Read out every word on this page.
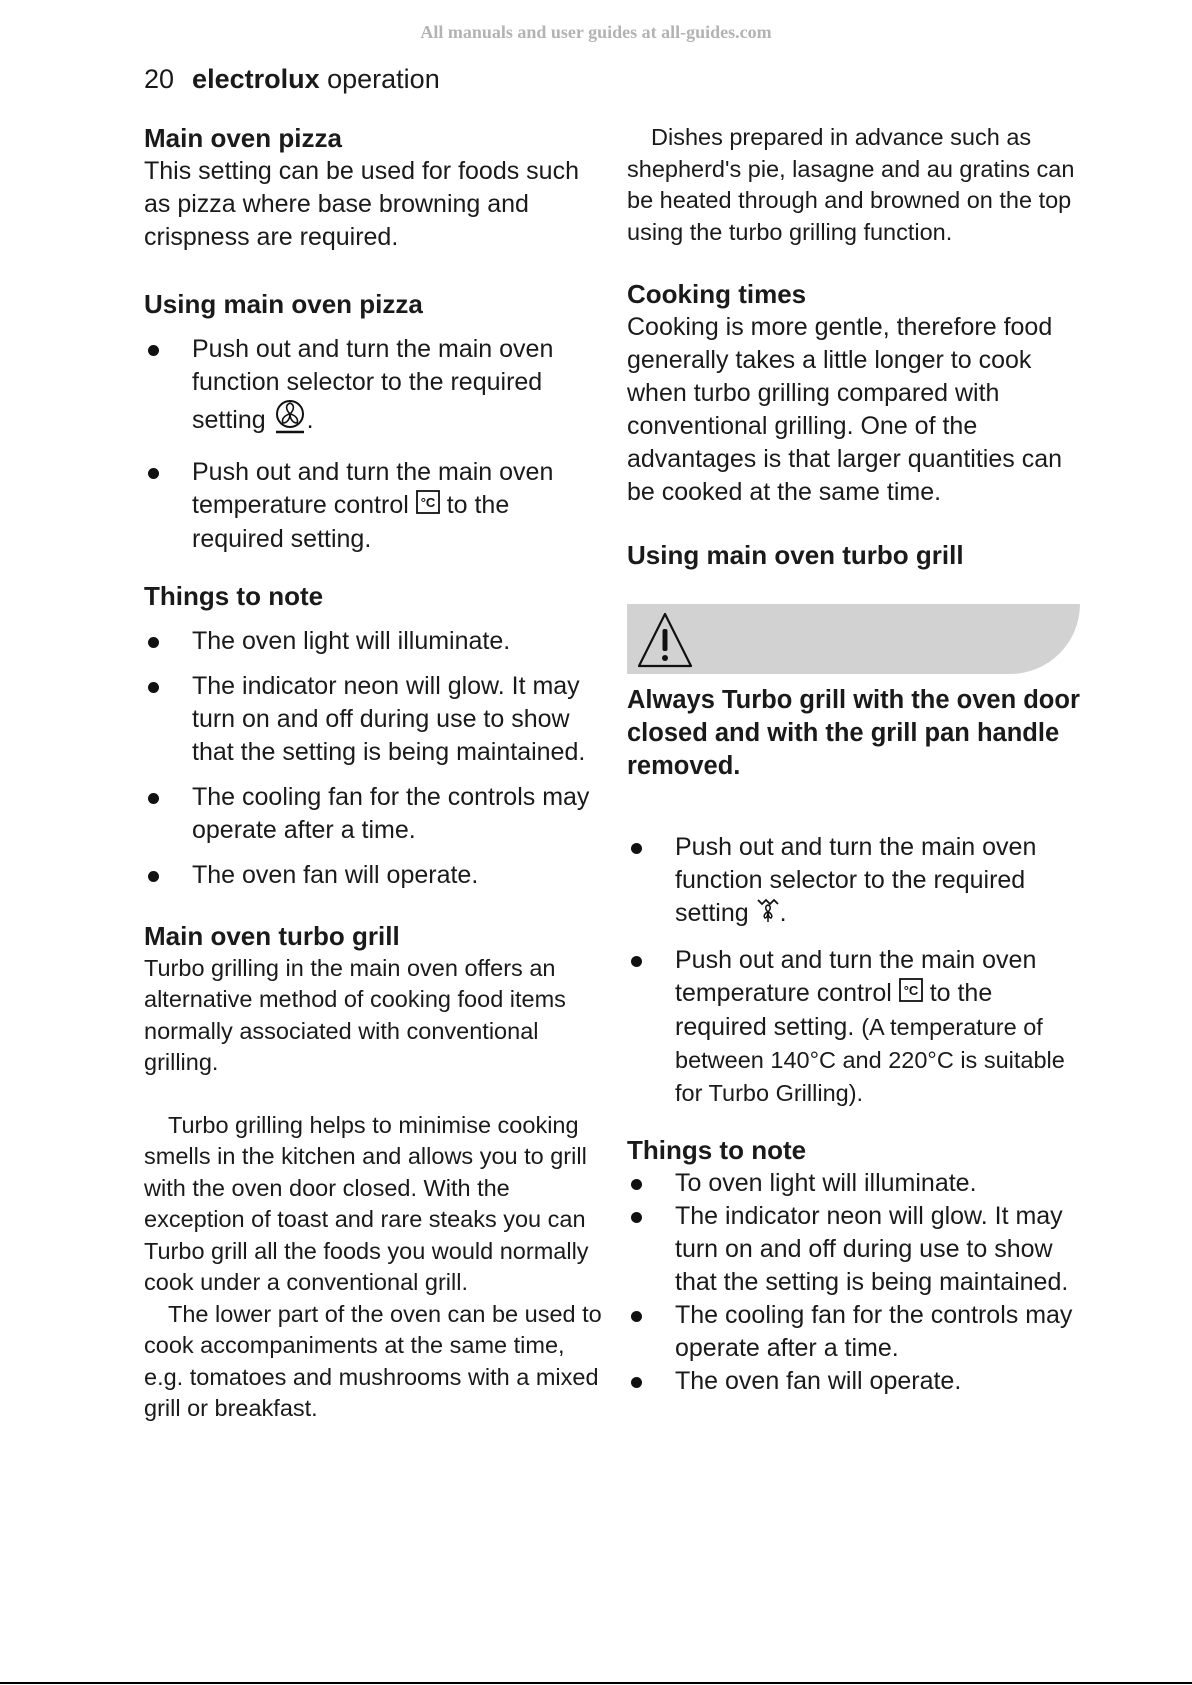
All manuals and user guides at all-guides.com
20 electrolux operation
Main oven pizza

This setting can be used for foods such as pizza where base browning and crispness are required.

Using main oven pizza
Push out and turn the main oven function selector to the required setting .
Push out and turn the main oven temperature control °C to the required setting.
Things to note
The oven light will illuminate.
The indicator neon will glow. It may turn on and off during use to show that the setting is being maintained.
The cooling fan for the controls may operate after a time.
The oven fan will operate.
Main oven turbo grill

Turbo grilling in the main oven offers an alternative method of cooking food items normally associated with conventional grilling.

Turbo grilling helps to minimise cooking smells in the kitchen and allows you to grill with the oven door closed. With the exception of toast and rare steaks you can Turbo grill all the foods you would normally cook under a conventional grill.

The lower part of the oven can be used to cook accompaniments at the same time, e.g. tomatoes and mushrooms with a mixed grill or breakfast.

Dishes prepared in advance such as shepherd's pie, lasagne and au gratins can be heated through and browned on the top using the turbo grilling function.

Cooking times

Cooking is more gentle, therefore food generally takes a little longer to cook when turbo grilling compared with conventional grilling. One of the advantages is that larger quantities can be cooked at the same time.

Using main oven turbo grill

Always Turbo grill with the oven door closed and with the grill pan handle removed.

Push out and turn the main oven function selector to the required setting .
Push out and turn the main oven temperature control °C to the required setting. (A temperature of between 140°C and 220°C is suitable for Turbo Grilling).
Things to note
To oven light will illuminate.
The indicator neon will glow. It may turn on and off during use to show that the setting is being maintained.
The cooling fan for the controls may operate after a time.
The oven fan will operate.
